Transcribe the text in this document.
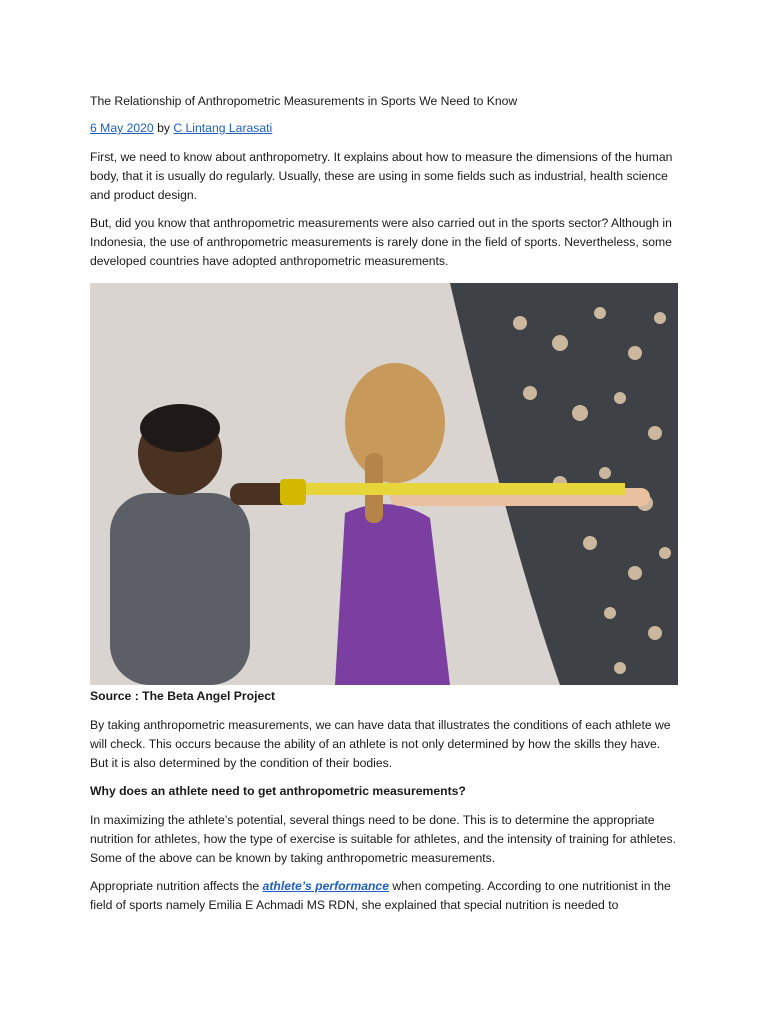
The Relationship of Anthropometric Measurements in Sports We Need to Know
6 May 2020 by C Lintang Larasati

First, we need to know about anthropometry. It explains about how to measure the dimensions of the human body, that it is usually do regularly. Usually, these are using in some fields such as industrial, health science and product design.

But, did you know that anthropometric measurements were also carried out in the sports sector? Although in Indonesia, the use of anthropometric measurements is rarely done in the field of sports. Nevertheless, some developed countries have adopted anthropometric measurements.

Source : The Beta Angel Project

By taking anthropometric measurements, we can have data that illustrates the conditions of each athlete we will check. This occurs because the ability of an athlete is not only determined by how the skills they have. But it is also determined by the condition of their bodies.

Why does an athlete need to get anthropometric measurements?

In maximizing the athlete’s potential, several things need to be done. This is to determine the appropriate nutrition for athletes, how the type of exercise is suitable for athletes, and the intensity of training for athletes. Some of the above can be known by taking anthropometric measurements.

Appropriate nutrition affects the athlete’s performance when competing. According to one nutritionist in the field of sports namely Emilia E Achmadi MS RDN, she explained that special nutrition is needed to
